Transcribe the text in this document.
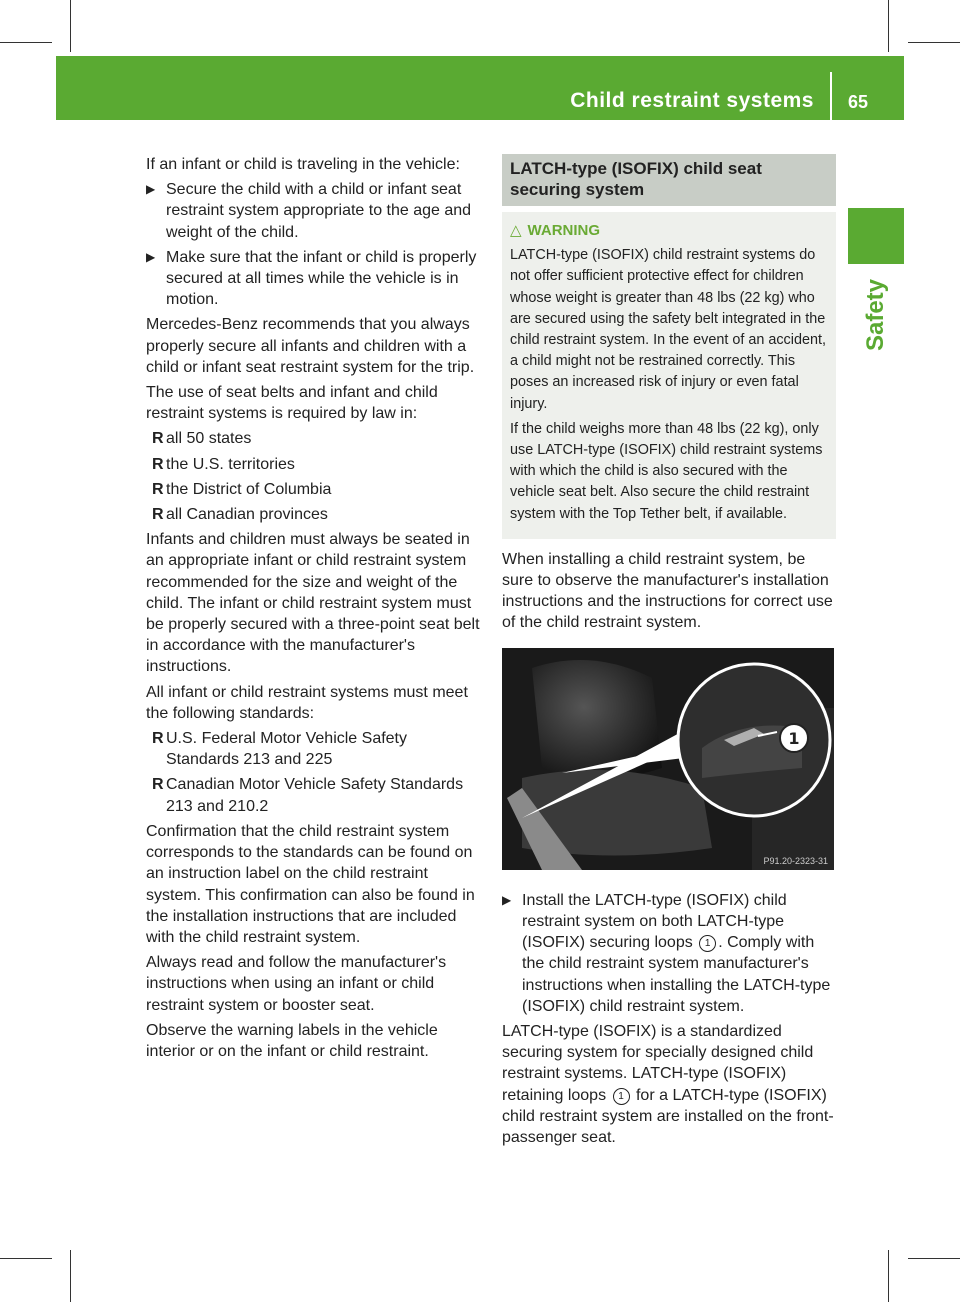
Child restraint systems 65
Safety

If an infant or child is traveling in the vehicle:

▶ Secure the child with a child or infant seat restraint system appropriate to the age and weight of the child.
▶ Make sure that the infant or child is properly secured at all times while the vehicle is in motion.

Mercedes-Benz recommends that you always properly secure all infants and children with a child or infant seat restraint system for the trip.

The use of seat belts and infant and child restraint systems is required by law in:

R all 50 states
R the U.S. territories
R the District of Columbia
R all Canadian provinces

Infants and children must always be seated in an appropriate infant or child restraint system recommended for the size and weight of the child. The infant or child restraint system must be properly secured with a three-point seat belt in accordance with the manufacturer's instructions.

All infant or child restraint systems must meet the following standards:

R U.S. Federal Motor Vehicle Safety Standards 213 and 225
R Canadian Motor Vehicle Safety Standards 213 and 210.2

Confirmation that the child restraint system corresponds to the standards can be found on an instruction label on the child restraint system. This confirmation can also be found in the installation instructions that are included with the child restraint system.

Always read and follow the manufacturer's instructions when using an infant or child restraint system or booster seat.

Observe the warning labels in the vehicle interior or on the infant or child restraint.

LATCH-type (ISOFIX) child seat securing system
△ WARNING

LATCH-type (ISOFIX) child restraint systems do not offer sufficient protective effect for children whose weight is greater than 48 lbs (22 kg) who are secured using the safety belt integrated in the child restraint system. In the event of an accident, a child might not be restrained correctly. This poses an increased risk of injury or even fatal injury.

If the child weighs more than 48 lbs (22 kg), only use LATCH-type (ISOFIX) child restraint systems with which the child is also secured with the vehicle seat belt. Also secure the child restraint system with the Top Tether belt, if available.

When installing a child restraint system, be sure to observe the manufacturer's installation instructions and the instructions for correct use of the child restraint system.

1
P91.20-2323-31
▶ Install the LATCH-type (ISOFIX) child restraint system on both LATCH-type (ISOFIX) securing loops 1 . Comply with the child restraint system manufacturer's instructions when installing the LATCH-type (ISOFIX) child restraint system.

LATCH-type (ISOFIX) is a standardized securing system for specially designed child restraint systems. LATCH-type (ISOFIX) retaining loops 1 for a LATCH-type (ISOFIX) child restraint system are installed on the front-passenger seat.
